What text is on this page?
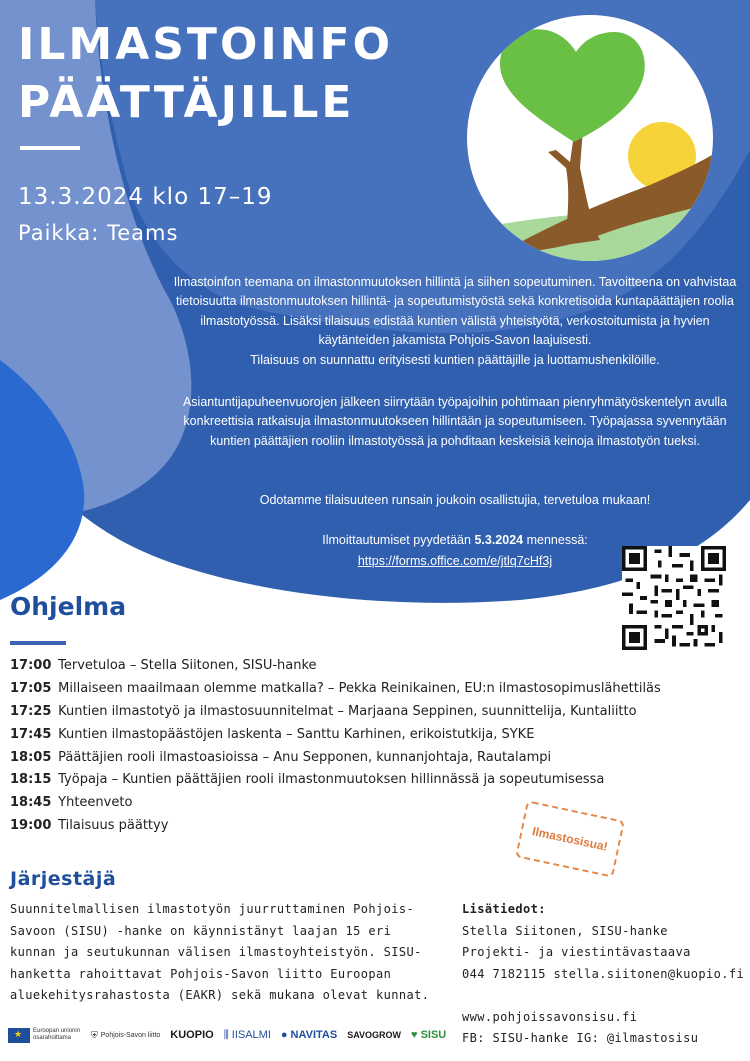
ILMASTOINFO
PÄÄTTÄJILLE
13.3.2024 klo 17–19
Paikka: Teams

Ilmastoinfon teemana on ilmastonmuutoksen hillintä ja siihen sopeutuminen. Tavoitteena on vahvistaa tietoisuutta ilmastonmuutoksen hillintä- ja sopeutumistyöstä sekä konkretisoida kuntapäättäjien roolia ilmastotyössä. Lisäksi tilaisuus edistää kuntien välistä yhteistyötä, verkostoitumista ja hyvien käytänteiden jakamista Pohjois-Savon laajuisesti.
Tilaisuus on suunnattu erityisesti kuntien päättäjille ja luottamushenkilöille.

Asiantuntijapuheenvuorojen jälkeen siirrytään työpajoihin pohtimaan pienryhmätyöskentelyn avulla konkreettisia ratkaisuja ilmastonmuutokseen hillintään ja sopeutumiseen. Työpajassa syvennytään kuntien päättäjien rooliin ilmastotyössä ja pohditaan keskeisiä keinoja ilmastotyön tueksi.

Odotamme tilaisuuteen runsain joukoin osallistujia, tervetuloa mukaan!

Ilmoittautumiset pyydetään 5.3.2024 mennessä:
https://forms.office.com/e/jtlq7cHf3j

Ohjelma
17:00 Tervetuloa – Stella Siitonen, SISU-hanke
17:05 Millaiseen maailmaan olemme matkalla? – Pekka Reinikainen, EU:n ilmastosopimuslähettiläs
17:25 Kuntien ilmastotyö ja ilmastosuunnitelmat – Marjaana Seppinen, suunnittelija, Kuntaliitto
17:45 Kuntien ilmastopäästöjen laskenta – Santtu Karhinen, erikoistutkija, SYKE
18:05 Päättäjien rooli ilmastoasioissa – Anu Sepponen, kunnanjohtaja, Rautalampi
18:15 Työpaja – Kuntien päättäjien rooli ilmastonmuutoksen hillinnässä ja sopeutumisessa
18:45 Yhteenveto
19:00 Tilaisuus päättyy	Ilmastosisua!
Järjestäjä

Suunnitelmallisen ilmastotyön juurruttaminen Pohjois-Savoon (SISU) -hanke on käynnistänyt laajan 15 eri kunnan ja seutukunnan välisen ilmastoyhteistyön. SISU-hanketta rahoittavat Pohjois-Savon liitto Euroopan aluekehitysrahastosta (EAKR) sekä mukana olevat kunnat.

Lisätiedot:
Stella Siitonen, SISU-hanke
Projekti- ja viestintävastaava
044 7182115 stella.siitonen@kuopio.fi
www.pohjoissavonsisu.fi
FB: SISU-hanke IG: @ilmastosisu
★
Euroopan unionin osarahoittama	⛨ Pohjois-Savon liitto KUOPIO ⫼ IISALMI ● NAVITAS SAVOGROW ♥ SISU
